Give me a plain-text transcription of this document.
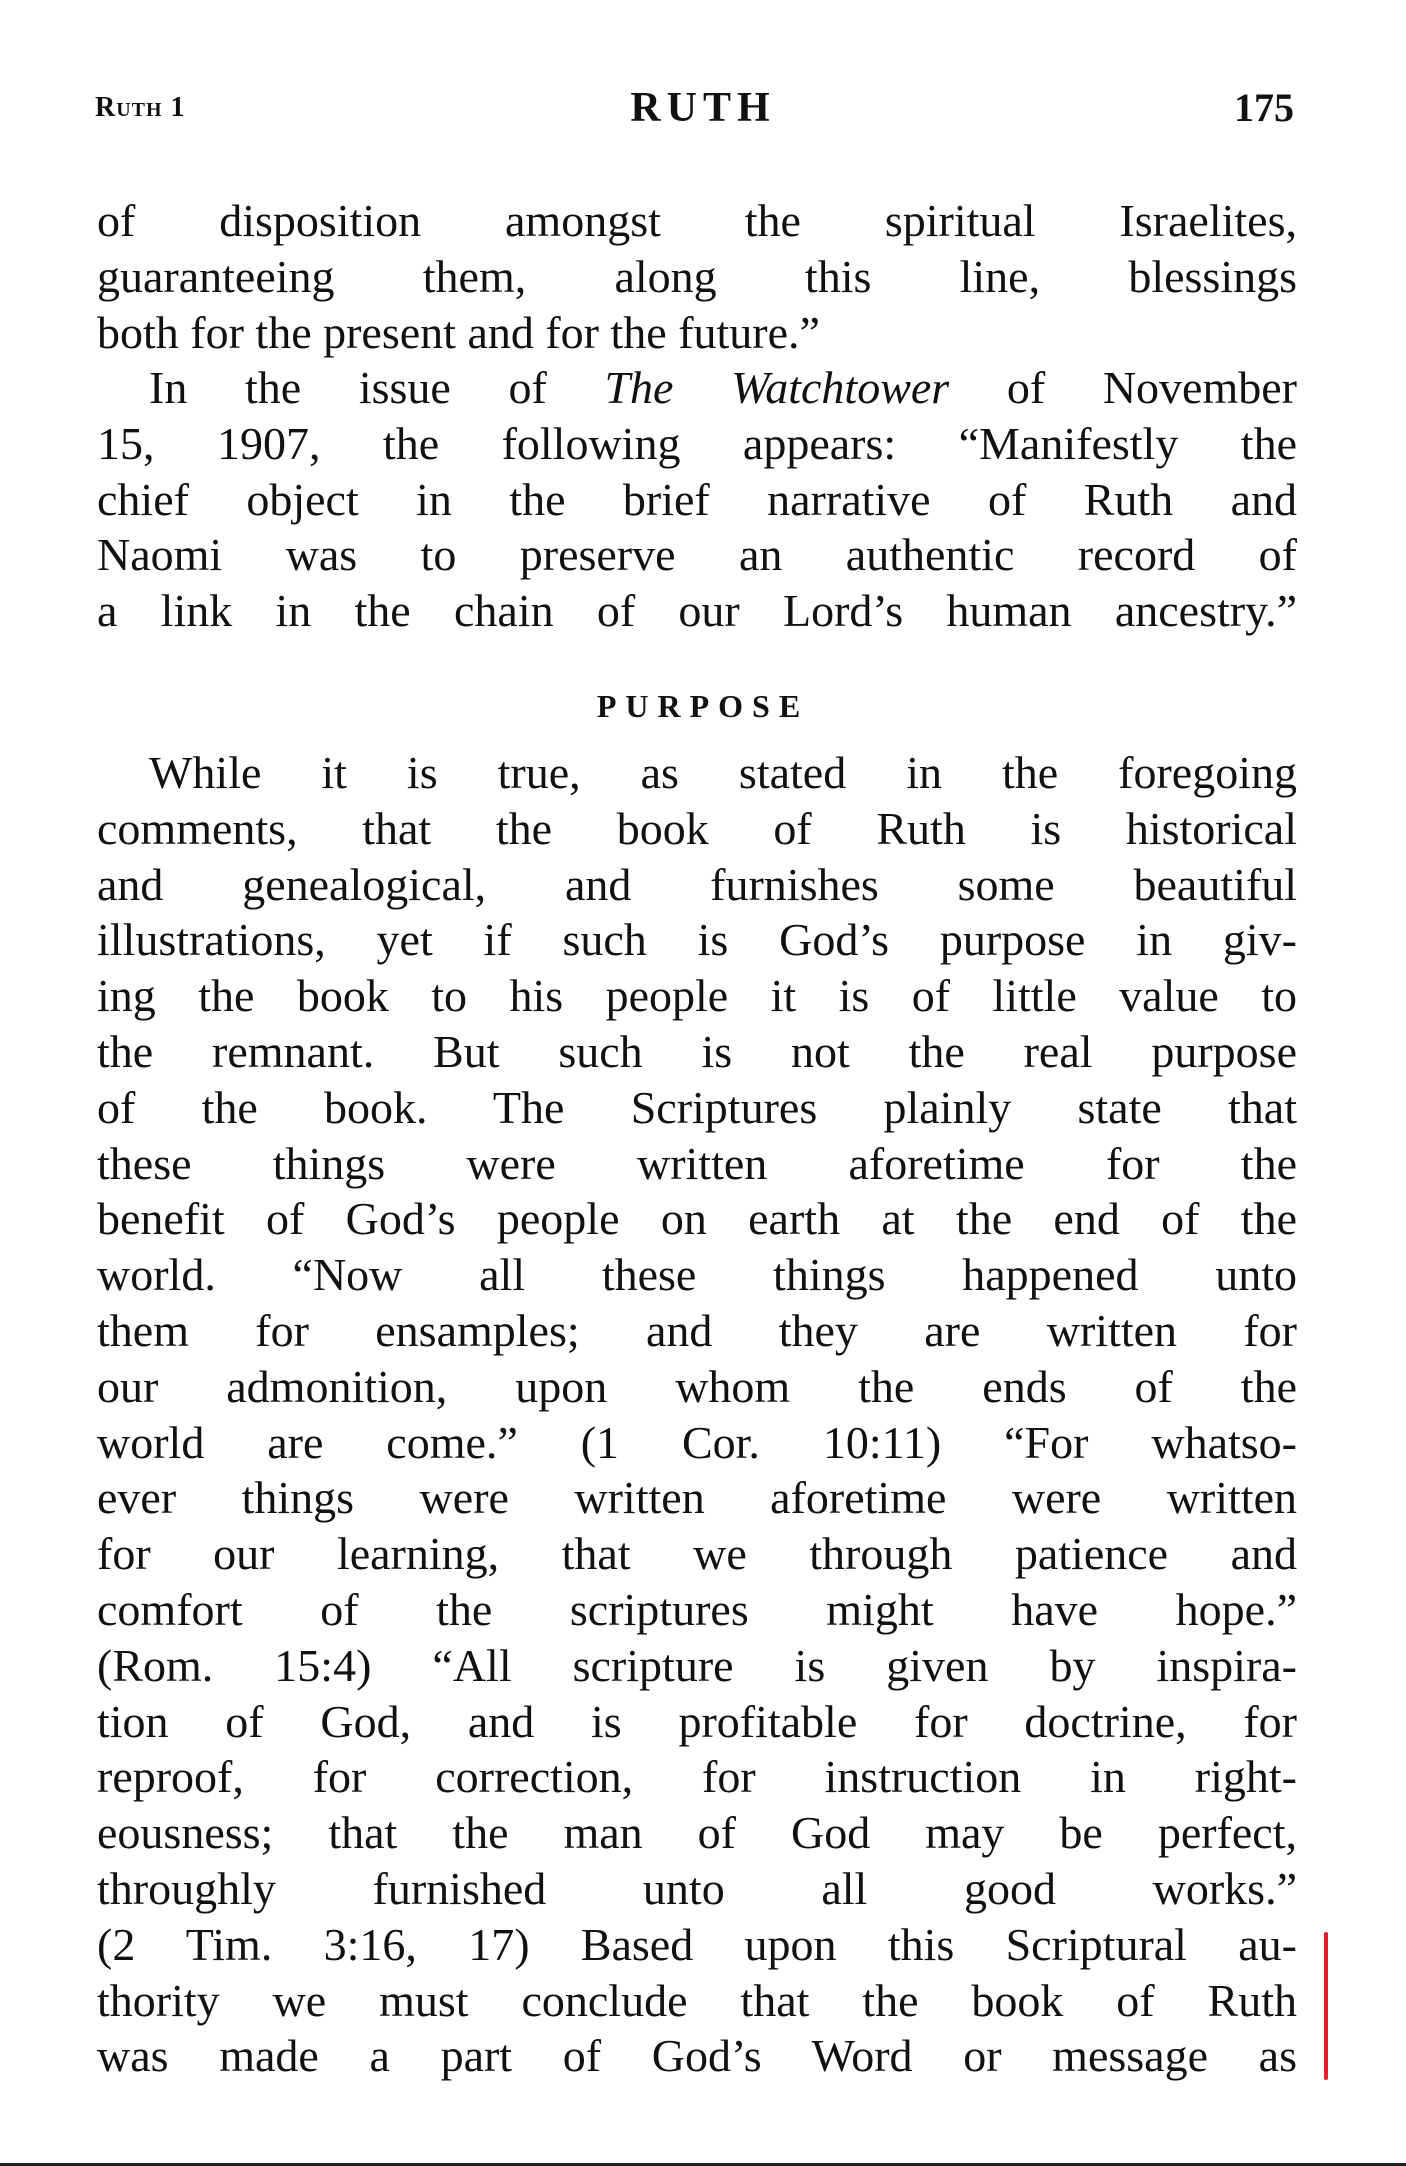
Ruth 1	RUTH	175
of disposition amongst the spiritual Israelites,
guaranteeing them, along this line, blessings
both for the present and for the future.”
In the issue of The Watchtower of November
15, 1907, the following appears: “Manifestly the
chief object in the brief narrative of Ruth and
Naomi was to preserve an authentic record of
a link in the chain of our Lord’s human ancestry.”
PURPOSE
While it is true, as stated in the foregoing
comments, that the book of Ruth is historical
and genealogical, and furnishes some beautiful
illustrations, yet if such is God’s purpose in giv-
ing the book to his people it is of little value to
the remnant. But such is not the real purpose
of the book. The Scriptures plainly state that
these things were written aforetime for the
benefit of God’s people on earth at the end of the
world. “Now all these things happened unto
them for ensamples; and they are written for
our admonition, upon whom the ends of the
world are come.” (1 Cor. 10:11) “For whatso-
ever things were written aforetime were written
for our learning, that we through patience and
comfort of the scriptures might have hope.”
(Rom. 15:4) “All scripture is given by inspira-
tion of God, and is profitable for doctrine, for
reproof, for correction, for instruction in right-
eousness; that the man of God may be perfect,
throughly furnished unto all good works.”
(2 Tim. 3:16, 17) Based upon this Scriptural au-
thority we must conclude that the book of Ruth
was made a part of God’s Word or message as
